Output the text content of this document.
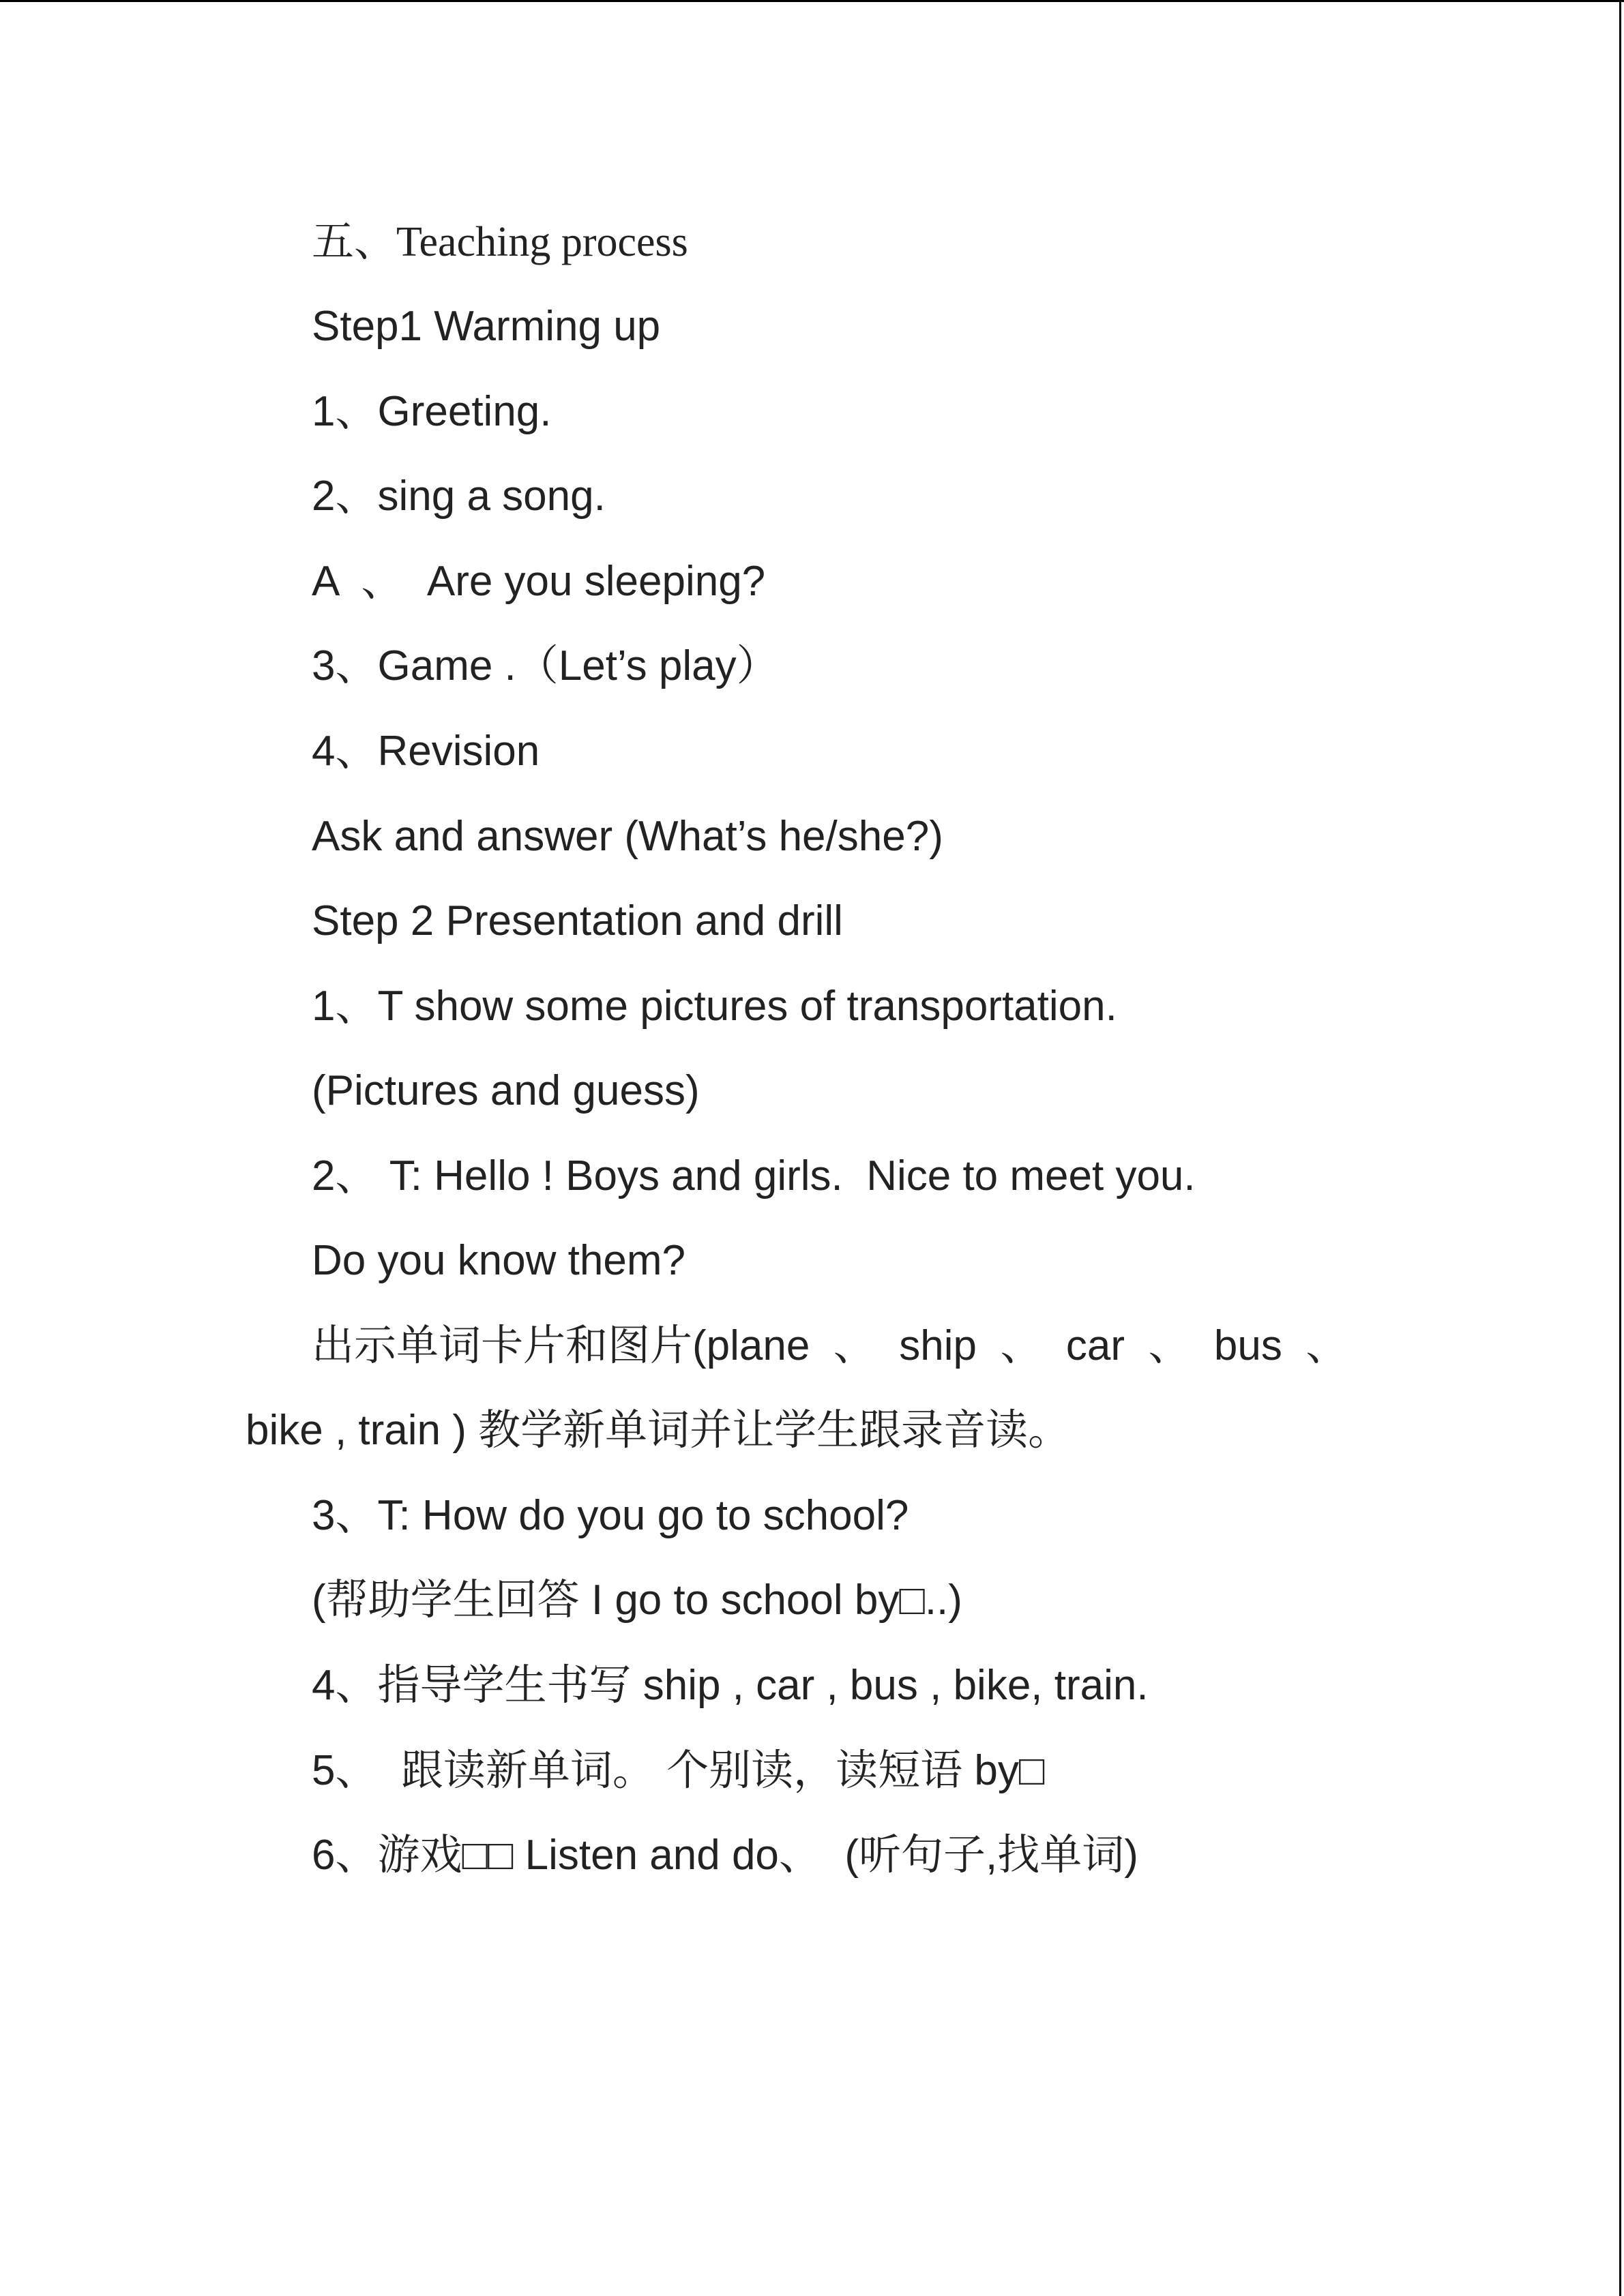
五、Teaching process
Step1 Warming up
1、Greeting.
2、sing a song.
A  、  Are you sleeping?
3、Game .（Let’s play）
4、Revision
Ask and answer (What’s he/she?)
Step 2 Presentation and drill
1、T show some pictures of transportation.
(Pictures and guess)
2、 T: Hello ! Boys and girls.  Nice to meet you.
Do you know them?
出示单词卡片和图片(plane  、  ship  、  car  、  bus  、
bike , train ) 教学新单词并让学生跟录音读。
3、T: How do you go to school?
(帮助学生回答 I go to school by□..)
4、指导学生书写 ship , car , bus , bike, train.
5、  跟读新单词。 个别读，读短语 by□
6、游戏□□ Listen and do、  (听句子,找单词)
